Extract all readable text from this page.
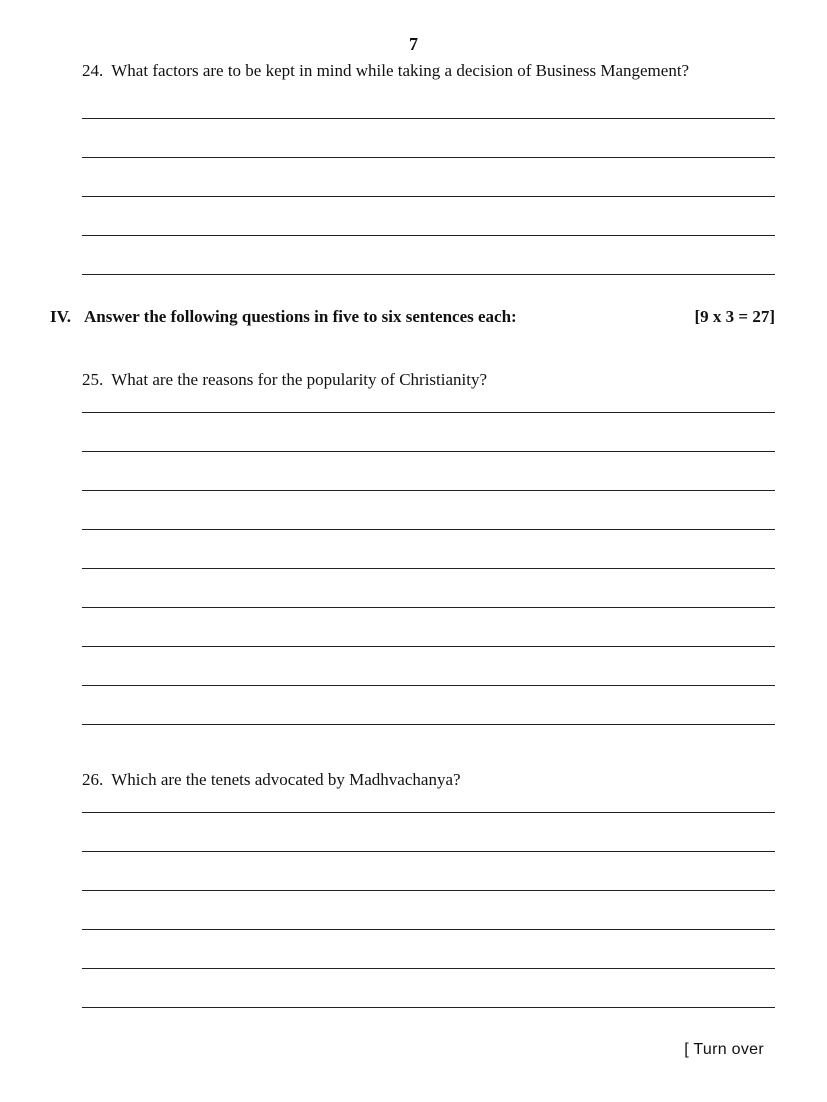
7
24. What factors are to be kept in mind while taking a decision of Business Mangement?
IV. Answer the following questions in five to six sentences each:	[9 x 3 = 27]
25. What are the reasons for the popularity of Christianity?
26. Which are the tenets advocated by Madhvachanya?
[ Turn over
